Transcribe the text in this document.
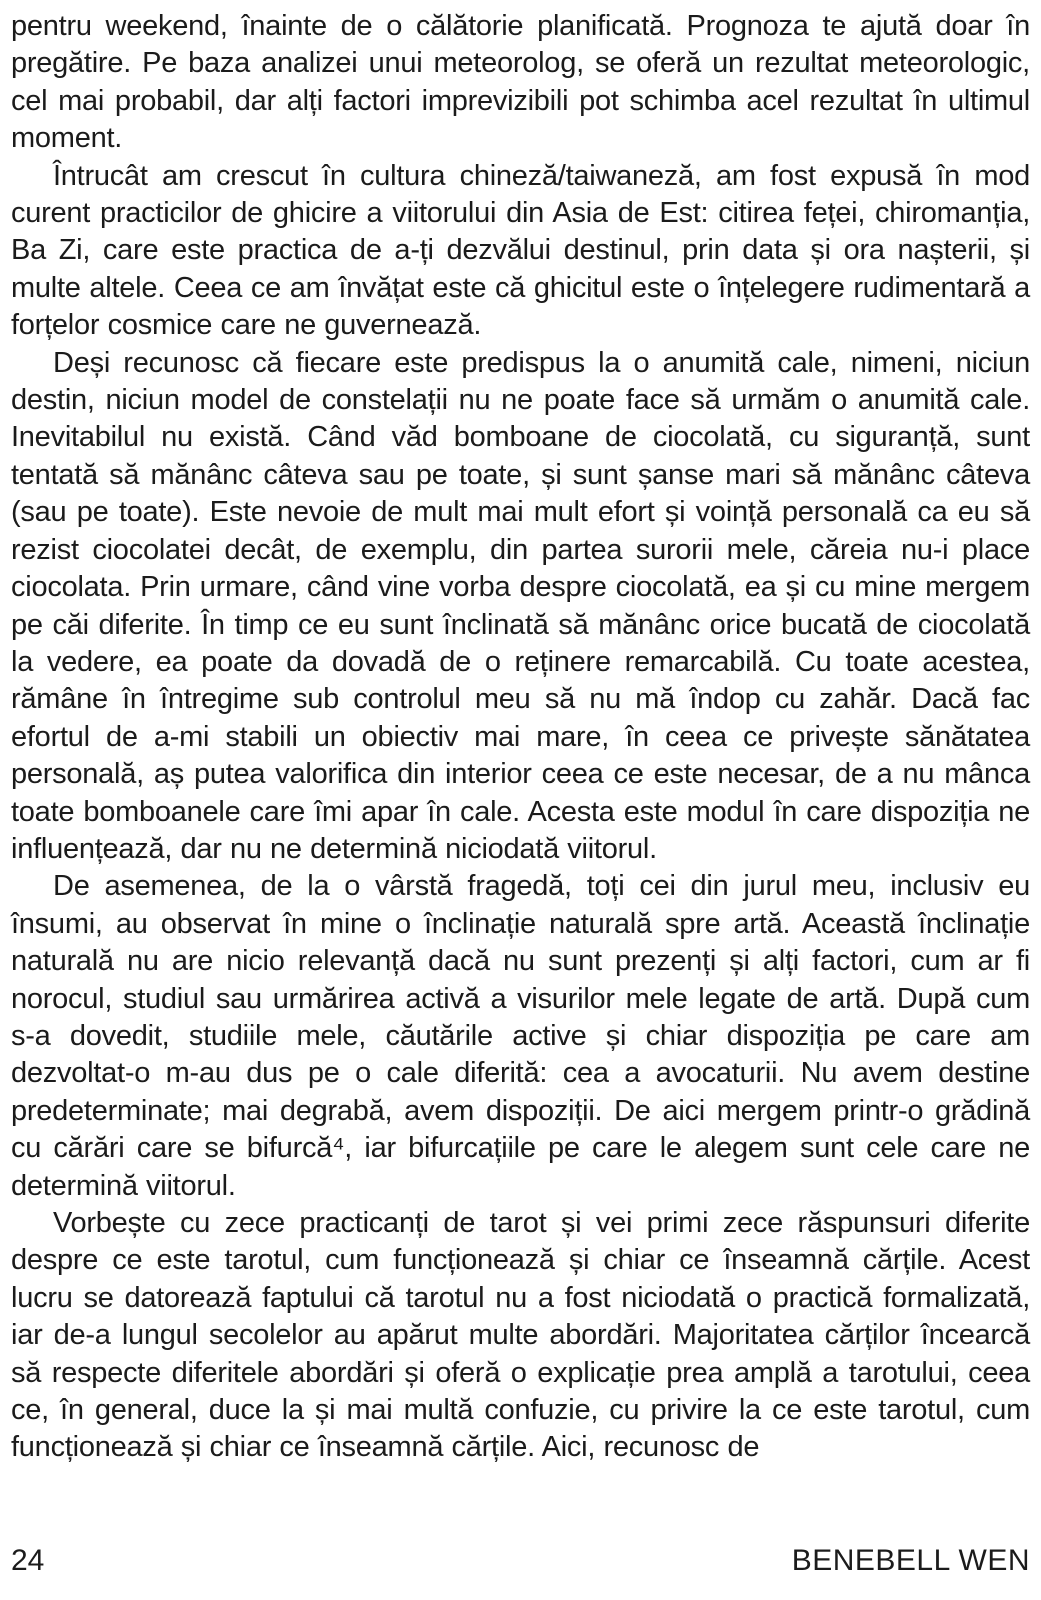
pentru weekend, înainte de o călătorie planificată. Prognoza te ajută doar în pregătire. Pe baza analizei unui meteorolog, se oferă un rezultat meteorologic, cel mai probabil, dar alți factori imprevizibili pot schimba acel rezultat în ultimul moment.

Întrucât am crescut în cultura chineză/taiwaneză, am fost expusă în mod curent practicilor de ghicire a viitorului din Asia de Est: citirea feței, chiromanția, Ba Zi, care este practica de a-ți dezvălui destinul, prin data și ora nașterii, și multe altele. Ceea ce am învățat este că ghicitul este o înțelegere rudimentară a forțelor cosmice care ne guvernează.

Deși recunosc că fiecare este predispus la o anumită cale, nimeni, niciun destin, niciun model de constelații nu ne poate face să urmăm o anumită cale. Inevitabilul nu există. Când văd bomboane de ciocolată, cu siguranță, sunt tentată să mănânc câteva sau pe toate, și sunt șanse mari să mănânc câteva (sau pe toate). Este nevoie de mult mai mult efort și voință personală ca eu să rezist ciocolatei decât, de exemplu, din partea surorii mele, căreia nu-i place ciocolata. Prin urmare, când vine vorba despre ciocolată, ea și cu mine mergem pe căi diferite. În timp ce eu sunt înclinată să mănânc orice bucată de ciocolată la vedere, ea poate da dovadă de o reținere remarcabilă. Cu toate acestea, rămâne în întregime sub controlul meu să nu mă îndop cu zahăr. Dacă fac efortul de a-mi stabili un obiectiv mai mare, în ceea ce privește sănătatea personală, aș putea valorifica din interior ceea ce este necesar, de a nu mânca toate bomboanele care îmi apar în cale. Acesta este modul în care dispoziția ne influențează, dar nu ne determină niciodată viitorul.

De asemenea, de la o vârstă fragedă, toți cei din jurul meu, inclusiv eu însumi, au observat în mine o înclinație naturală spre artă. Această înclinație naturală nu are nicio relevanță dacă nu sunt prezenți și alți factori, cum ar fi norocul, studiul sau urmărirea activă a visurilor mele legate de artă. După cum s-a dovedit, studiile mele, căutările active și chiar dispoziția pe care am dezvoltat-o m-au dus pe o cale diferită: cea a avocaturii. Nu avem destine predeterminate; mai degrabă, avem dispoziții. De aici mergem printr-o grădină cu cărări care se bifurcă⁴, iar bifurcațiile pe care le alegem sunt cele care ne determină viitorul.

Vorbește cu zece practicanți de tarot și vei primi zece răspunsuri diferite despre ce este tarotul, cum funcționează și chiar ce înseamnă cărțile. Acest lucru se datorează faptului că tarotul nu a fost niciodată o practică formalizată, iar de-a lungul secolelor au apărut multe abordări. Majoritatea cărților încearcă să respecte diferitele abordări și oferă o explicație prea amplă a tarotului, ceea ce, în general, duce la și mai multă confuzie, cu privire la ce este tarotul, cum funcționează și chiar ce înseamnă cărțile. Aici, recunosc de

24	BENEBELL WEN
